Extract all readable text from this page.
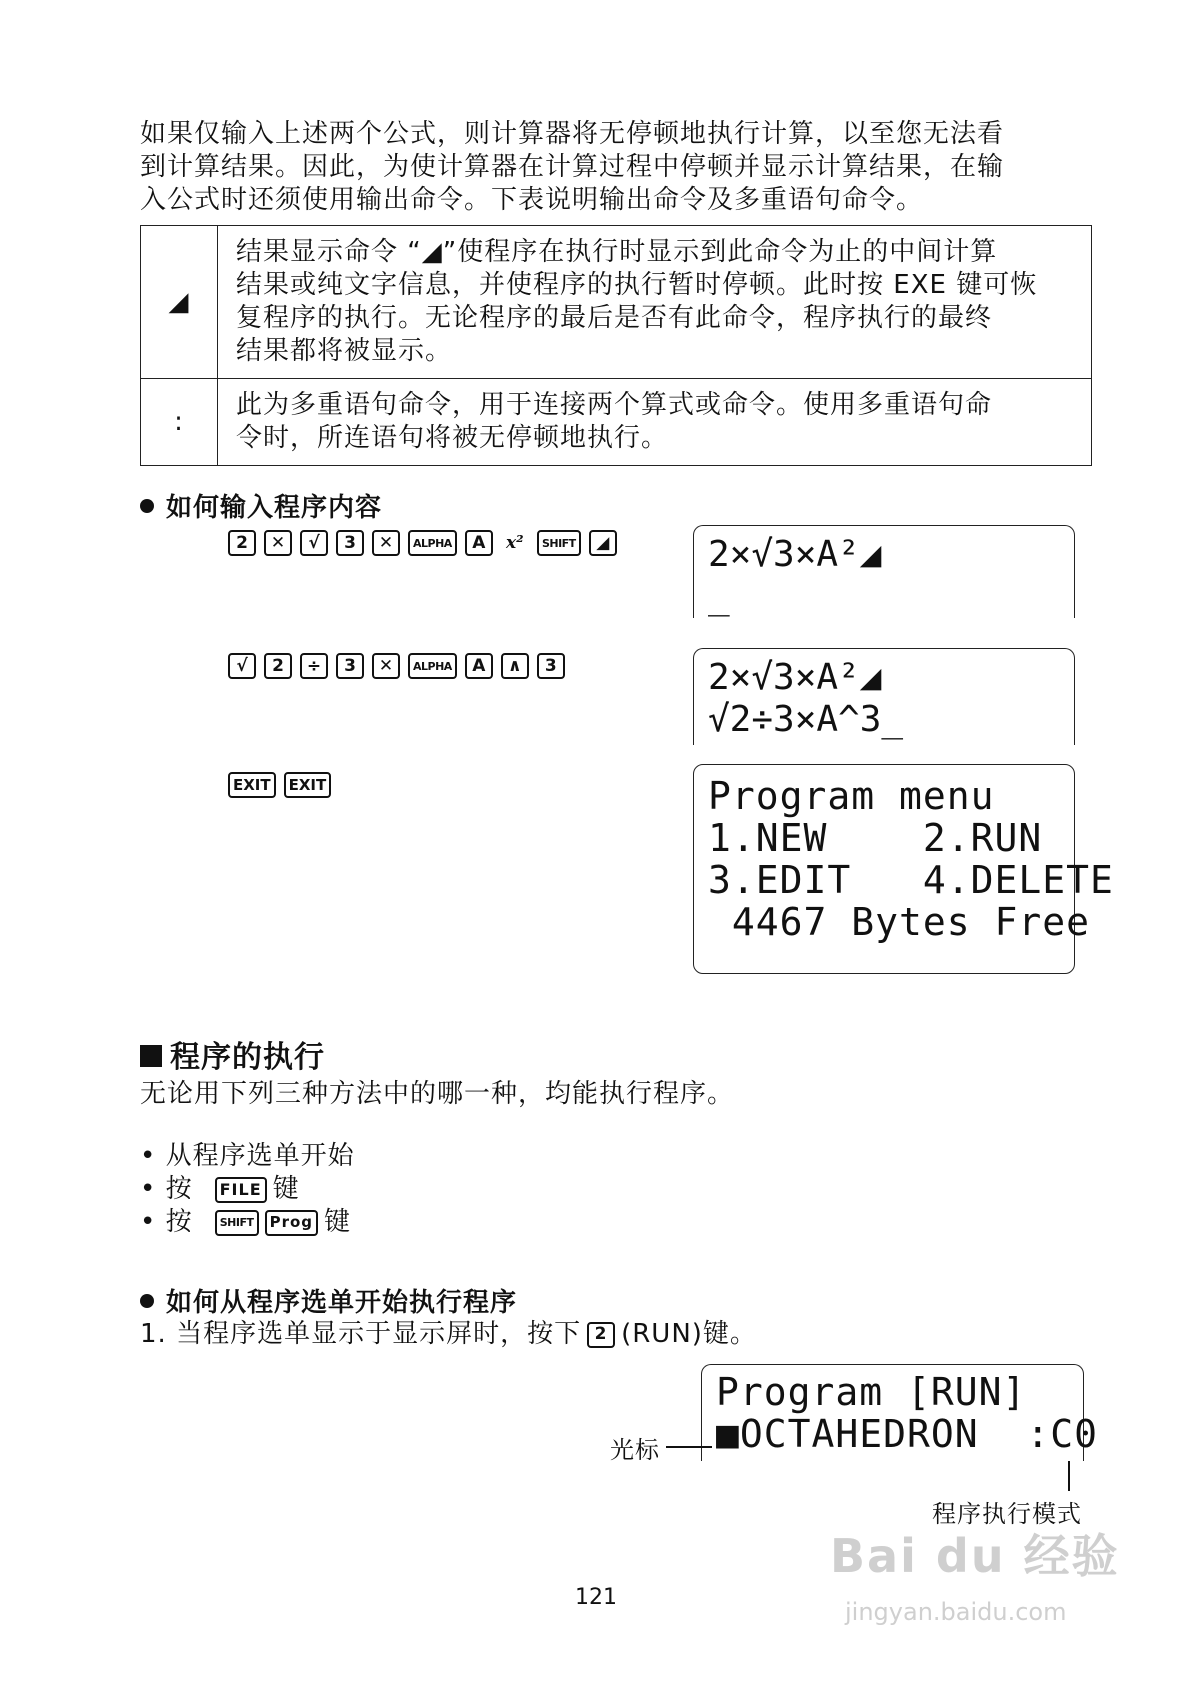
如果仅输入上述两个公式，则计算器将无停顿地执行计算，以至您无法看
到计算结果。因此，为使计算器在计算过程中停顿并显示计算结果，在输
入公式时还须使用输出命令。下表说明输出命令及多重语句命令。
◢	结果显示命令 “◢”使程序在执行时显示到此命令为止的中间计算
结果或纯文字信息，并使程序的执行暂时停顿。此时按 EXE 键可恢
复程序的执行。无论程序的最后是否有此命令，程序执行的最终
结果都将被显示。

:	此为多重语句命令，用于连接两个算式或命令。使用多重语句命
令时，所连语句将被无停顿地执行。
如何输入程序内容
2	✕	√	3	✕	ALPHA	A	x²	SHIFT	◢	2×√3×A²◢
_
√	2	÷	3	✕	ALPHA	A	∧	3	2×√3×A²◢
√2÷3×A^3_
EXIT	EXIT	Program menu
1.NEW    2.RUN
3.EDIT   4.DELETE
4467 Bytes Free
程序的执行
无论用下列三种方法中的哪一种，均能执行程序。
• 从程序选单开始
• 按	FILE 键
• 按	SHIFT	Prog 键
如何从程序选单开始执行程序
1. 当程序选单显示于显示屏时，按下 2 (RUN)键。
Program [RUN]
■OCTAHEDRON  :C0
光标
程序执行模式
121
Bai du 经验
jingyan.baidu.com
